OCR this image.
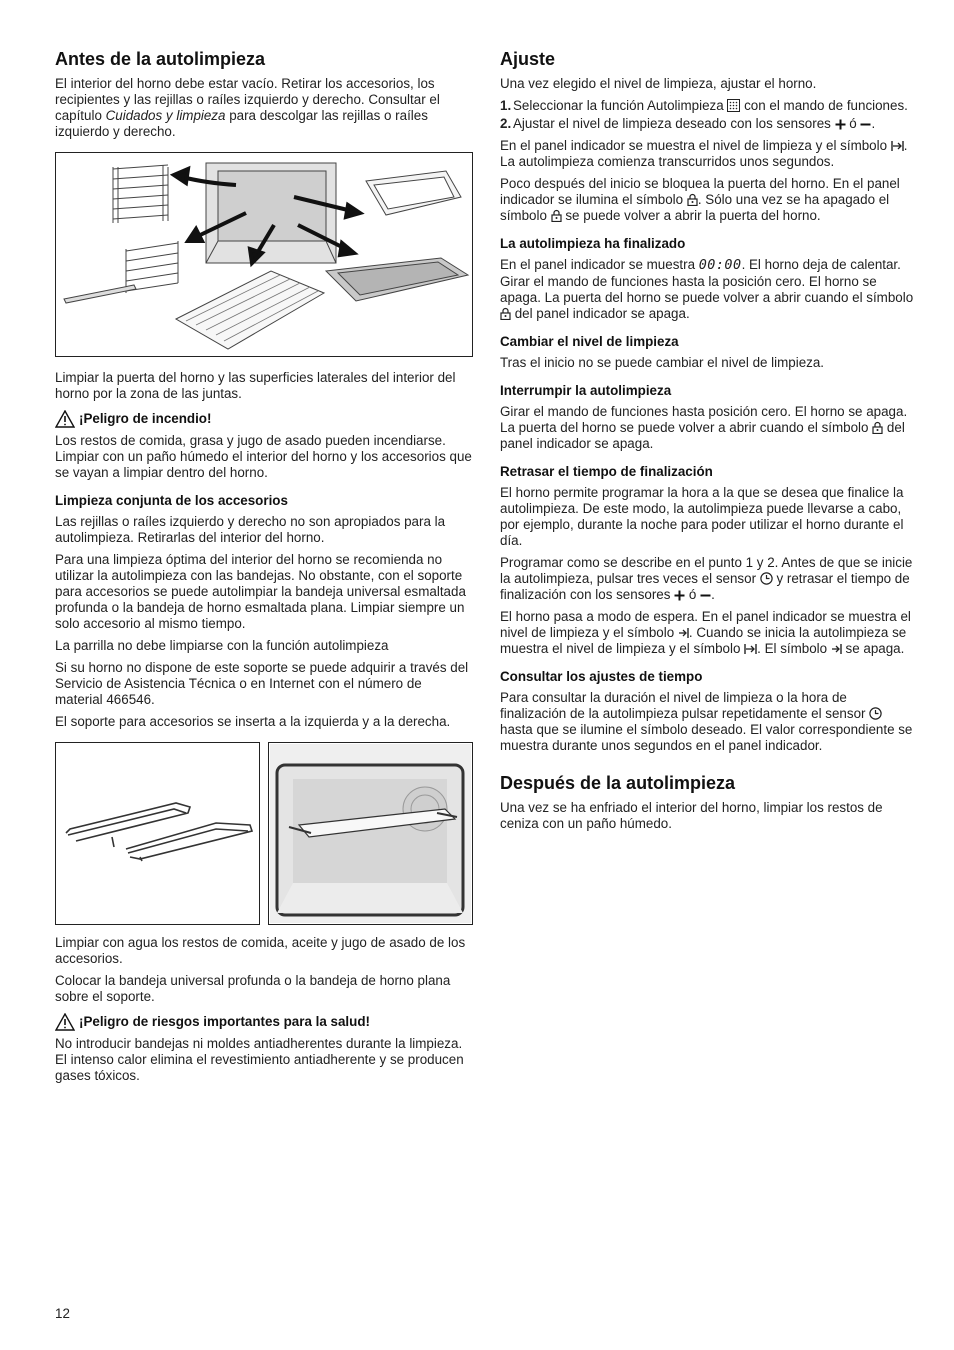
Antes de la autolimpieza

El interior del horno debe estar vacío. Retirar los accesorios, los recipientes y las rejillas o raíles izquierdo y derecho. Consultar el capítulo Cuidados y limpieza para descolgar las rejillas o raíles izquierdo y derecho.

Limpiar la puerta del horno y las superficies laterales del interior del horno por la zona de las juntas.

¡Peligro de incendio!

Los restos de comida, grasa y jugo de asado pueden incendiarse. Limpiar con un paño húmedo el interior del horno y los accesorios que se vayan a limpiar dentro del horno.

Limpieza conjunta de los accesorios

Las rejillas o raíles izquierdo y derecho no son apropiados para la autolimpieza. Retirarlas del interior del horno.

Para una limpieza óptima del interior del horno se recomienda no utilizar la autolimpieza con las bandejas. No obstante, con el soporte para accesorios se puede autolimpiar la bandeja universal esmaltada profunda o la bandeja de horno esmaltada plana. Limpiar siempre un solo accesorio al mismo tiempo.

La parrilla no debe limpiarse con la función autolimpieza

Si su horno no dispone de este soporte se puede adquirir a través del Servicio de Asistencia Técnica o en Internet con el número de material 466546.

El soporte para accesorios se inserta a la izquierda y a la derecha.

Limpiar con agua los restos de comida, aceite y jugo de asado de los accesorios.

Colocar la bandeja universal profunda o la bandeja de horno plana sobre el soporte.

¡Peligro de riesgos importantes para la salud!

No introducir bandejas ni moldes antiadherentes durante la limpieza. El intenso calor elimina el revestimiento antiadherente y se producen gases tóxicos.

Ajuste

Una vez elegido el nivel de limpieza, ajustar el horno.

1. Seleccionar la función Autolimpieza  con el mando de funciones.
2. Ajustar el nivel de limpieza deseado con los sensores  ó .

En el panel indicador se muestra el nivel de limpieza y el símbolo . La autolimpieza comienza transcurridos unos segundos.

Poco después del inicio se bloquea la puerta del horno. En el panel indicador se ilumina el símbolo . Sólo una vez se ha apagado el símbolo  se puede volver a abrir la puerta del horno.

La autolimpieza ha finalizado

En el panel indicador se muestra 00:00. El horno deja de calentar. Girar el mando de funciones hasta la posición cero. El horno se apaga. La puerta del horno se puede volver a abrir cuando el símbolo  del panel indicador se apaga.

Cambiar el nivel de limpieza

Tras el inicio no se puede cambiar el nivel de limpieza.

Interrumpir la autolimpieza

Girar el mando de funciones hasta posición cero. El horno se apaga. La puerta del horno se puede volver a abrir cuando el símbolo  del panel indicador se apaga.

Retrasar el tiempo de finalización

El horno permite programar la hora a la que se desea que finalice la autolimpieza. De este modo, la autolimpieza puede llevarse a cabo, por ejemplo, durante la noche para poder utilizar el horno durante el día.

Programar como se describe en el punto 1 y 2. Antes de que se inicie la autolimpieza, pulsar tres veces el sensor  y retrasar el tiempo de finalización con los sensores  ó .

El horno pasa a modo de espera. En el panel indicador se muestra el nivel de limpieza y el símbolo . Cuando se inicia la autolimpieza se muestra el nivel de limpieza y el símbolo . El símbolo  se apaga.

Consultar los ajustes de tiempo

Para consultar la duración el nivel de limpieza o la hora de finalización de la autolimpieza pulsar repetidamente el sensor  hasta que se ilumine el símbolo deseado. El valor correspondiente se muestra durante unos segundos en el panel indicador.

Después de la autolimpieza

Una vez se ha enfriado el interior del horno, limpiar los restos de ceniza con un paño húmedo.

12
